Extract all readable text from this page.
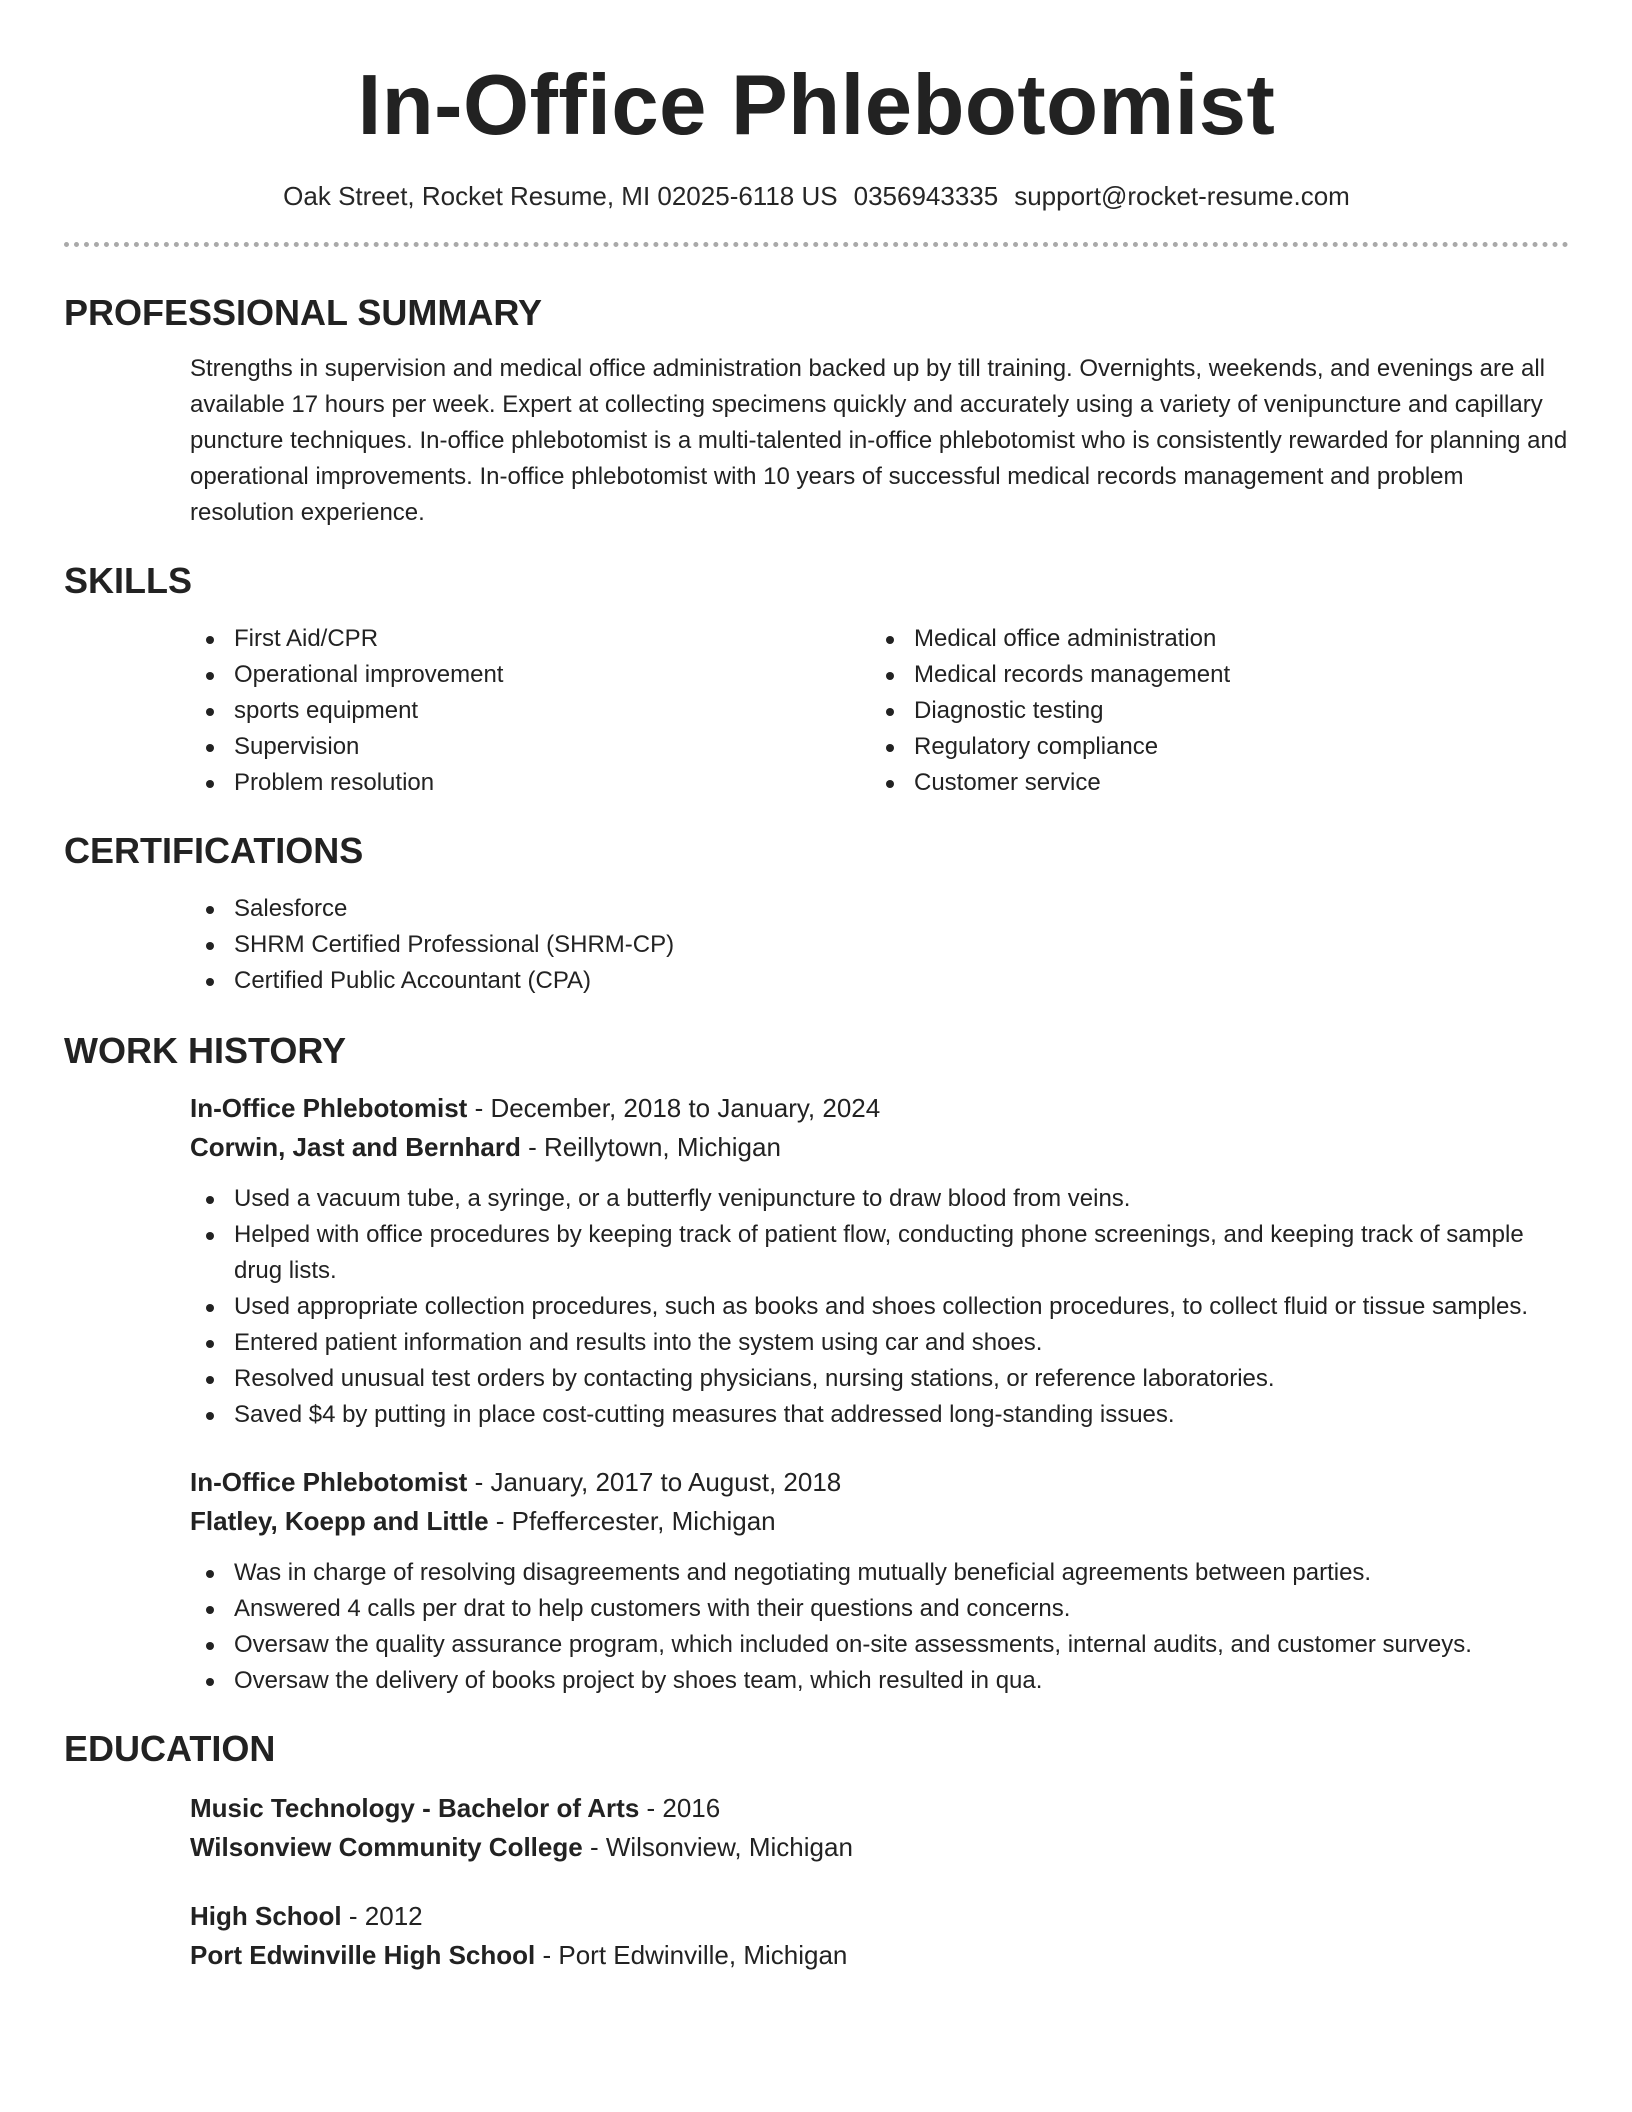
In-Office Phlebotomist
Oak Street, Rocket Resume, MI 02025-6118 US 0356943335 support@rocket-resume.com
PROFESSIONAL SUMMARY

Strengths in supervision and medical office administration backed up by till training. Overnights, weekends, and evenings are all available 17 hours per week. Expert at collecting specimens quickly and accurately using a variety of venipuncture and capillary puncture techniques. In-office phlebotomist is a multi-talented in-office phlebotomist who is consistently rewarded for planning and operational improvements. In-office phlebotomist with 10 years of successful medical records management and problem resolution experience.

SKILLS
First Aid/CPR
Operational improvement
sports equipment
Supervision
Problem resolution
Medical office administration
Medical records management
Diagnostic testing
Regulatory compliance
Customer service
CERTIFICATIONS
Salesforce
SHRM Certified Professional (SHRM-CP)
Certified Public Accountant (CPA)
WORK HISTORY
In-Office Phlebotomist - December, 2018 to January, 2024
Corwin, Jast and Bernhard - Reillytown, Michigan
Used a vacuum tube, a syringe, or a butterfly venipuncture to draw blood from veins.
Helped with office procedures by keeping track of patient flow, conducting phone screenings, and keeping track of sample drug lists.
Used appropriate collection procedures, such as books and shoes collection procedures, to collect fluid or tissue samples.
Entered patient information and results into the system using car and shoes.
Resolved unusual test orders by contacting physicians, nursing stations, or reference laboratories.
Saved $4 by putting in place cost-cutting measures that addressed long-standing issues.
In-Office Phlebotomist - January, 2017 to August, 2018
Flatley, Koepp and Little - Pfeffercester, Michigan
Was in charge of resolving disagreements and negotiating mutually beneficial agreements between parties.
Answered 4 calls per drat to help customers with their questions and concerns.
Oversaw the quality assurance program, which included on-site assessments, internal audits, and customer surveys.
Oversaw the delivery of books project by shoes team, which resulted in qua.
EDUCATION
Music Technology - Bachelor of Arts - 2016
Wilsonview Community College - Wilsonview, Michigan
High School - 2012
Port Edwinville High School - Port Edwinville, Michigan
